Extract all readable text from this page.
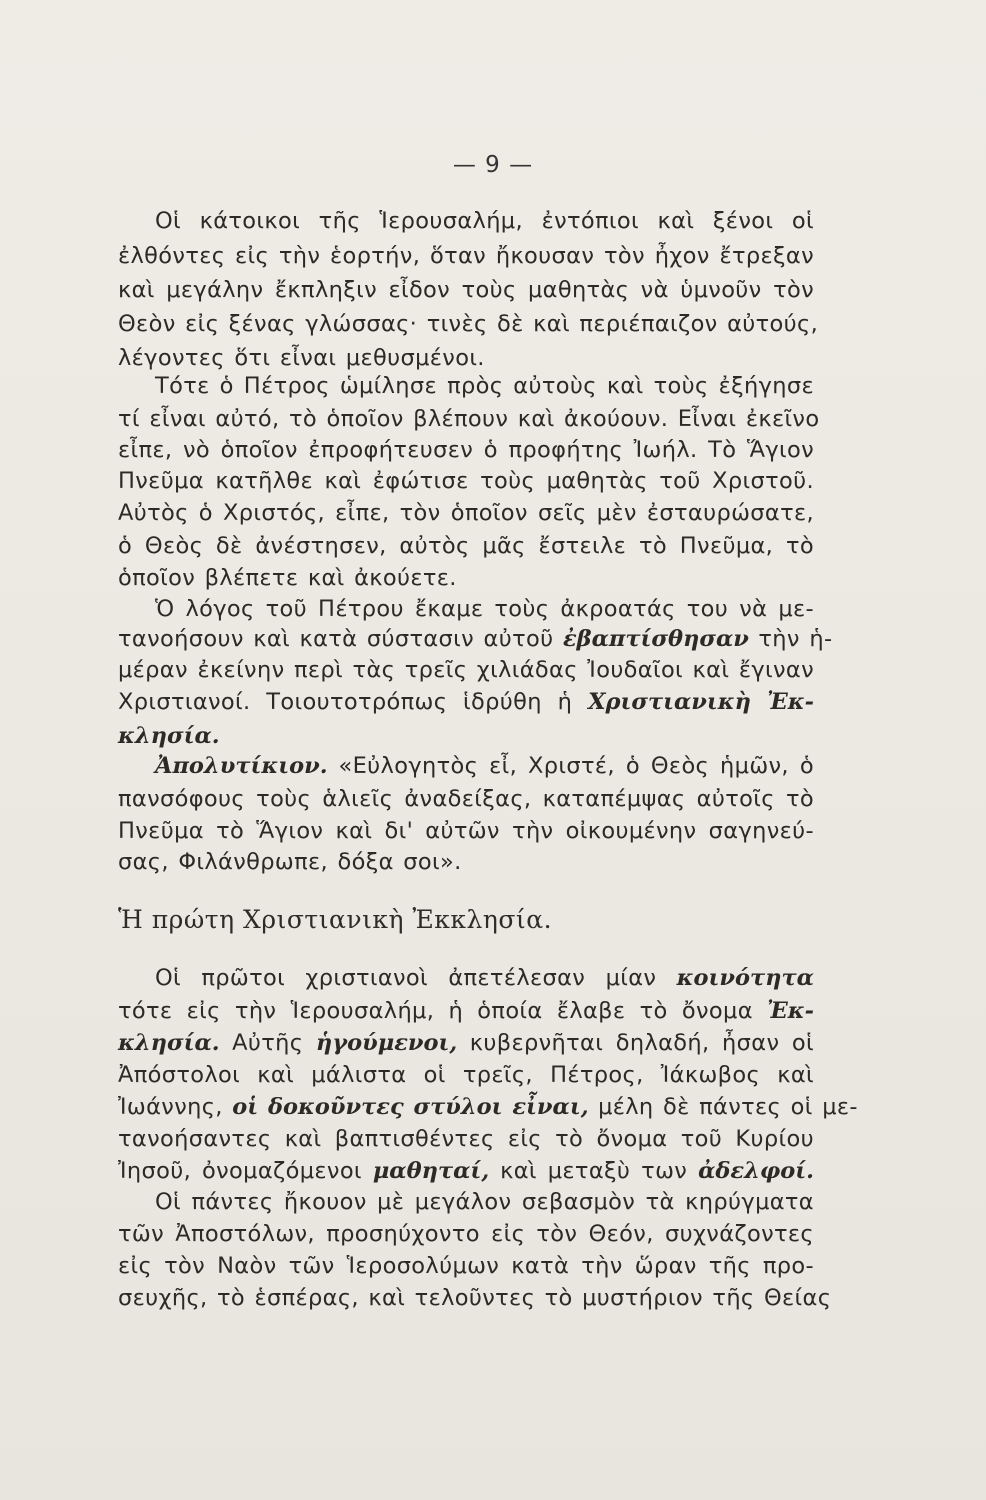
— 9 —
Οἱ κάτοικοι τῆς Ἱερουσαλήμ, ἐντόπιοι καὶ ξένοι οἱ
ἐλθόντες εἰς τὴν ἑορτήν, ὅταν ἤκουσαν τὸν ἦχον ἔτρεξαν
καὶ μεγάλην ἔκπληξιν εἶδον τοὺς μαθητὰς νὰ ὑμνοῦν τὸν
Θεὸν εἰς ξένας γλώσσας· τινὲς δὲ καὶ περιέπαιζον αὐτούς,
λέγοντες ὅτι εἶναι μεθυσμένοι.
Τότε ὁ Πέτρος ὡμίλησε πρὸς αὐτοὺς καὶ τοὺς ἐξήγησε
τί εἶναι αὐτό, τὸ ὁποῖον βλέπουν καὶ ἀκούουν. Εἶναι ἐκεῖνο
εἶπε, νὸ ὁποῖον ἐπροφήτευσεν ὁ προφήτης Ἰωήλ. Τὸ Ἅγιον
Πνεῦμα κατῆλθε καὶ ἐφώτισε τοὺς μαθητὰς τοῦ Χριστοῦ.
Αὐτὸς ὁ Χριστός, εἶπε, τὸν ὁποῖον σεῖς μὲν ἐσταυρώσατε,
ὁ Θεὸς δὲ ἀνέστησεν, αὐτὸς μᾶς ἔστειλε τὸ Πνεῦμα, τὸ
ὁποῖον βλέπετε καὶ ἀκούετε.
Ὁ λόγος τοῦ Πέτρου ἔκαμε τοὺς ἀκροατάς του νὰ με-
τανοήσουν καὶ κατὰ σύστασιν αὐτοῦ ἐβαπτίσθησαν τὴν ἡ-
μέραν ἐκείνην περὶ τὰς τρεῖς χιλιάδας Ἰουδαῖοι καὶ ἔγιναν
Χριστιανοί. Τοιουτοτρόπως ἱδρύθη ἡ Χριστιανικὴ Ἐκ-
κλησία.
Ἀπολυτίκιον. «Εὐλογητὸς εἶ, Χριστέ, ὁ Θεὸς ἡμῶν, ὁ
πανσόφους τοὺς ἁλιεῖς ἀναδείξας, καταπέμψας αὐτοῖς τὸ
Πνεῦμα τὸ Ἅγιον καὶ δι' αὐτῶν τὴν οἰκουμένην σαγηνεύ-
σας, Φιλάνθρωπε, δόξα σοι».
Ἡ πρώτη Χριστιανικὴ Ἐκκλησία.
Οἱ πρῶτοι χριστιανοὶ ἀπετέλεσαν μίαν κοινότητα
τότε εἰς τὴν Ἱερουσαλήμ, ἡ ὁποία ἔλαβε τὸ ὄνομα Ἐκ-
κλησία. Αὐτῆς ἡγούμενοι, κυβερνῆται δηλαδή, ἦσαν οἱ
Ἀπόστολοι καὶ μάλιστα οἱ τρεῖς, Πέτρος, Ἰάκωβος καὶ
Ἰωάννης, οἱ δοκοῦντες στύλοι εἶναι, μέλη δὲ πάντες οἱ με-
τανοήσαντες καὶ βαπτισθέντες εἰς τὸ ὄνομα τοῦ Κυρίου
Ἰησοῦ, ὀνομαζόμενοι μαθηταί, καὶ μεταξὺ των ἀδελφοί.
Οἱ πάντες ἤκουον μὲ μεγάλον σεβασμὸν τὰ κηρύγματα
τῶν Ἀποστόλων, προσηύχοντο εἰς τὸν Θεόν, συχνάζοντες
εἰς τὸν Ναὸν τῶν Ἱεροσολύμων κατὰ τὴν ὥραν τῆς προ-
σευχῆς, τὸ ἑσπέρας, καὶ τελοῦντες τὸ μυστήριον τῆς Θείας
